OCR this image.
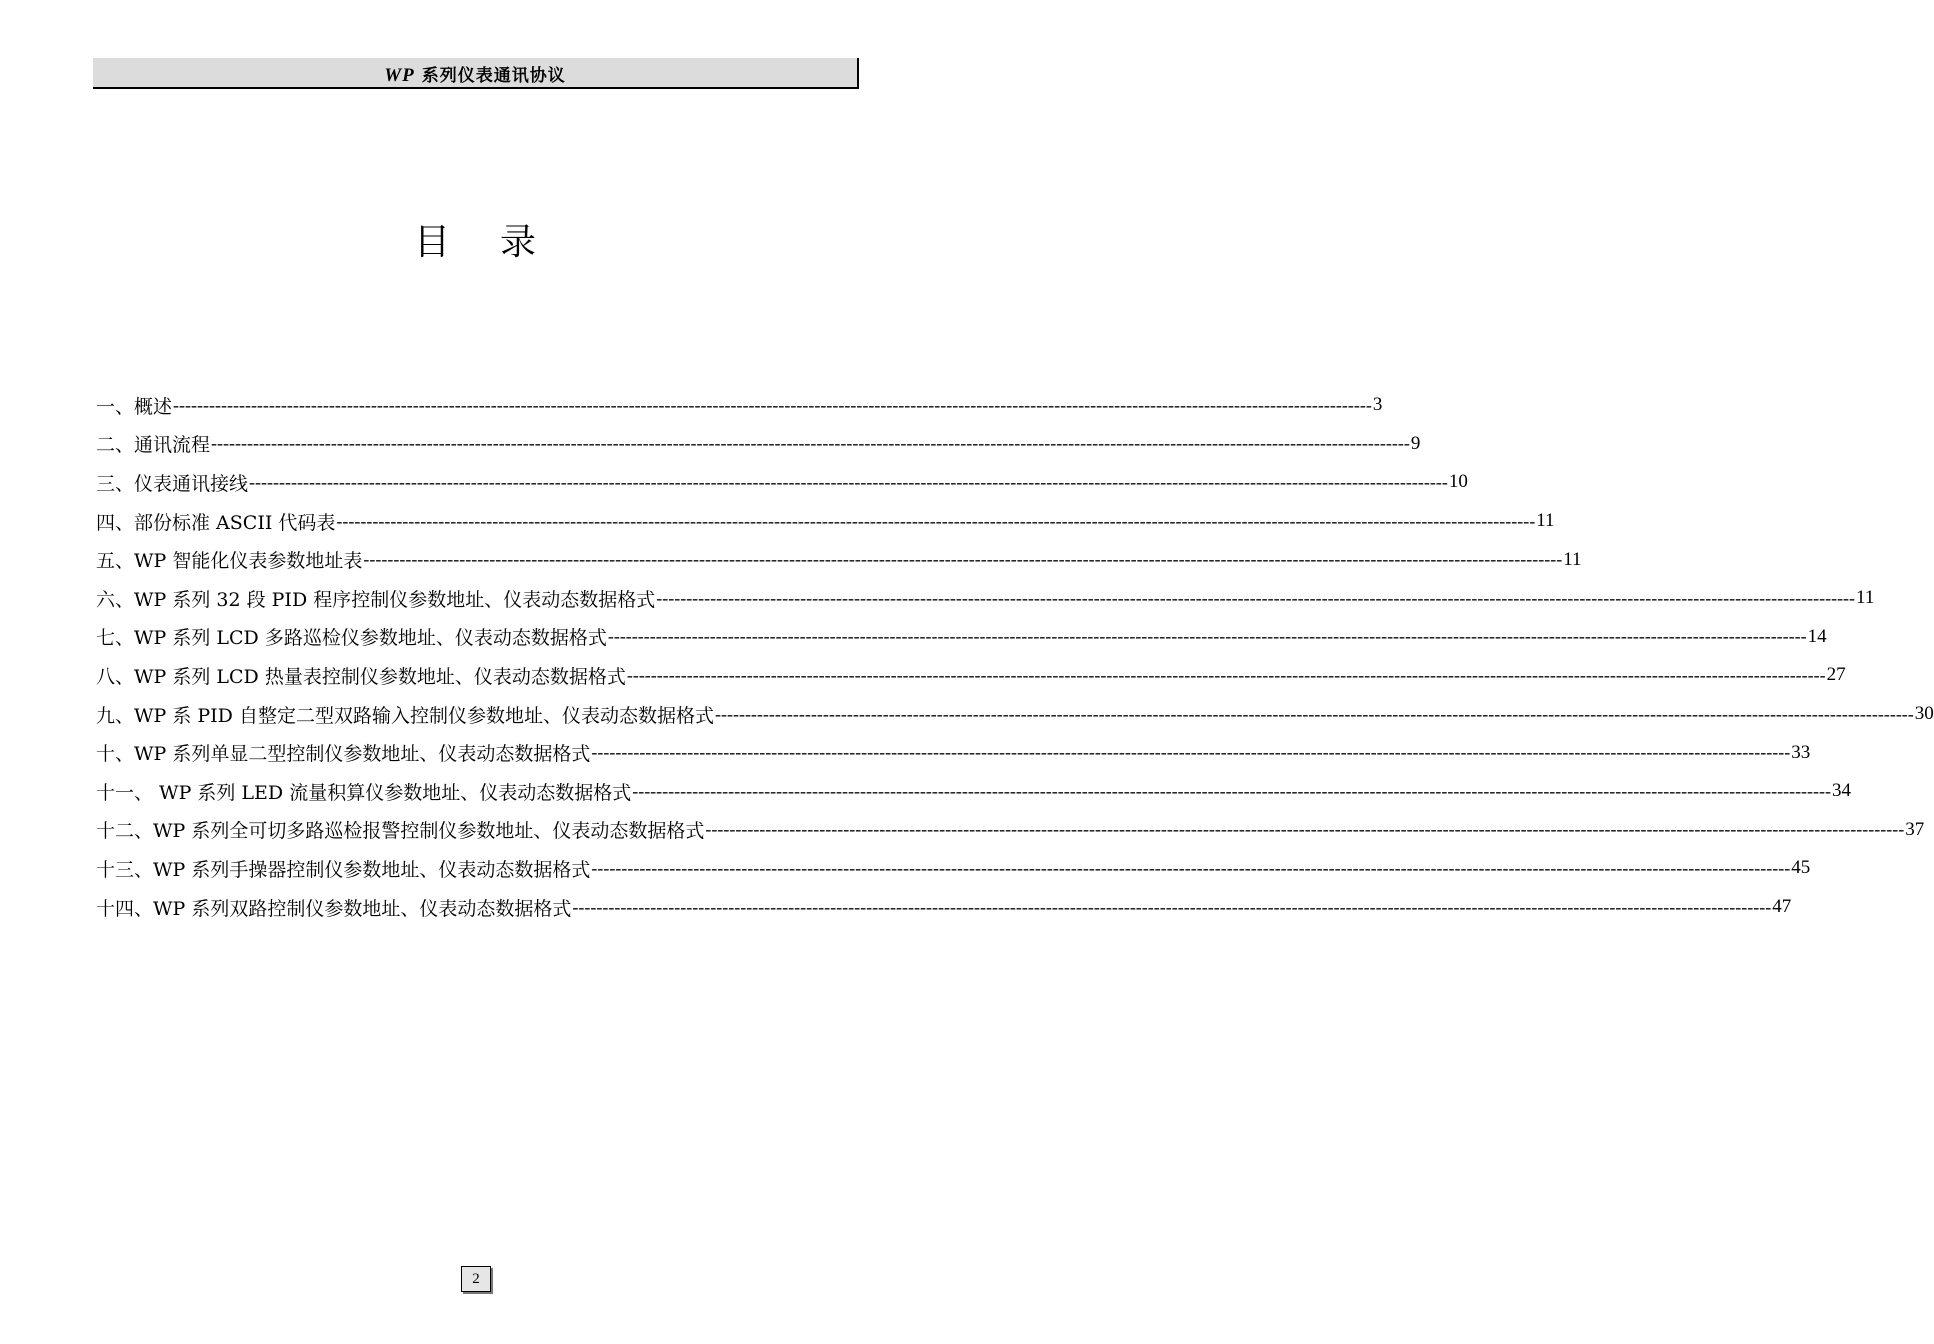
WP 系列仪表通讯协议
目录
一、概述 -------------------------------------------------------------------------------------------------------------------------------------------------------------------------------------------------------- 3
二、通讯流程 -------------------------------------------------------------------------------------------------------------------------------------------------------------------------------------------------------- 9
三、仪表通讯接线 -------------------------------------------------------------------------------------------------------------------------------------------------------------------------------------------------------- 10
四、部份标准 ASCII 代码表 -------------------------------------------------------------------------------------------------------------------------------------------------------------------------------------------------------- 11
五、WP 智能化仪表参数地址表 -------------------------------------------------------------------------------------------------------------------------------------------------------------------------------------------------------- 11
六、WP 系列 32 段 PID 程序控制仪参数地址、仪表动态数据格式 -------------------------------------------------------------------------------------------------------------------------------------------------------------------------------------------------------- 11
七、WP 系列 LCD 多路巡检仪参数地址、仪表动态数据格式 -------------------------------------------------------------------------------------------------------------------------------------------------------------------------------------------------------- 14
八、WP 系列 LCD 热量表控制仪参数地址、仪表动态数据格式 -------------------------------------------------------------------------------------------------------------------------------------------------------------------------------------------------------- 27
九、WP 系 PID 自整定二型双路输入控制仪参数地址、仪表动态数据格式 -------------------------------------------------------------------------------------------------------------------------------------------------------------------------------------------------------- 30
十、WP 系列单显二型控制仪参数地址、仪表动态数据格式 -------------------------------------------------------------------------------------------------------------------------------------------------------------------------------------------------------- 33
十一、 WP 系列 LED 流量积算仪参数地址、仪表动态数据格式 -------------------------------------------------------------------------------------------------------------------------------------------------------------------------------------------------------- 34
十二、WP 系列全可切多路巡检报警控制仪参数地址、仪表动态数据格式 -------------------------------------------------------------------------------------------------------------------------------------------------------------------------------------------------------- 37
十三、WP 系列手操器控制仪参数地址、仪表动态数据格式 -------------------------------------------------------------------------------------------------------------------------------------------------------------------------------------------------------- 45
十四、WP 系列双路控制仪参数地址、仪表动态数据格式 -------------------------------------------------------------------------------------------------------------------------------------------------------------------------------------------------------- 47
2
